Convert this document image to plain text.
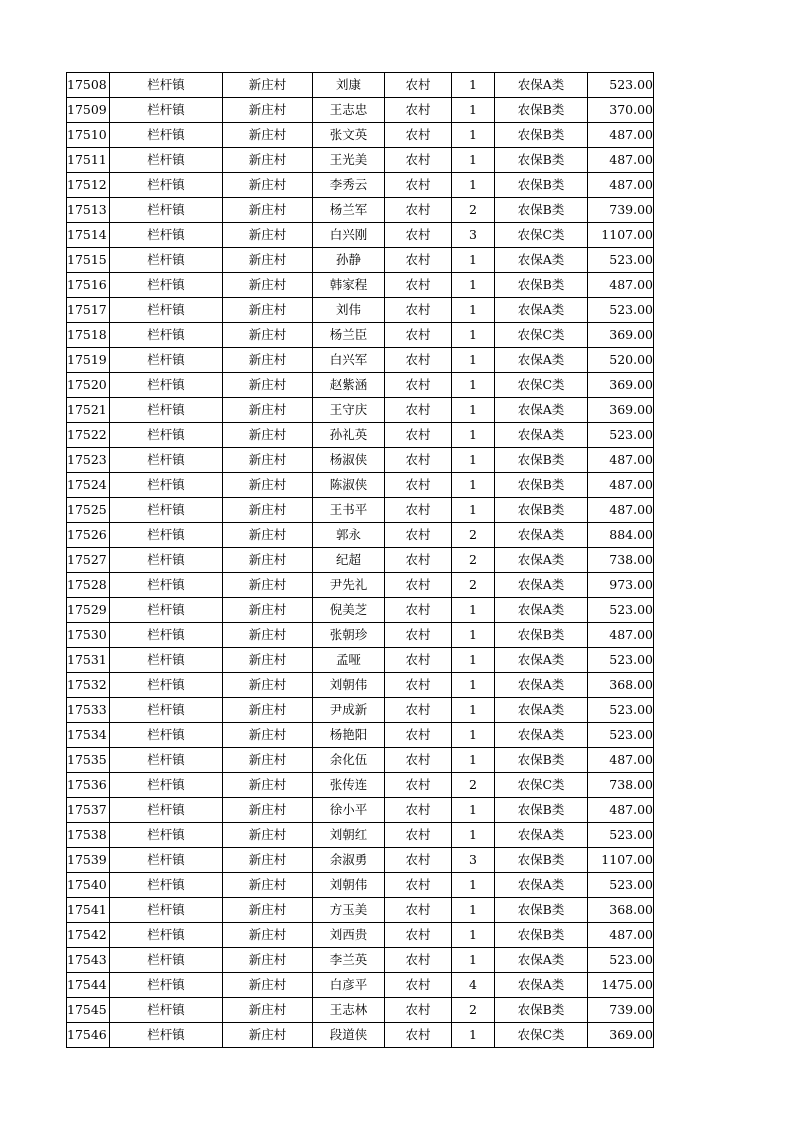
17508	栏杆镇	新庄村	刘康	农村	1	农保A类	523.00
17509	栏杆镇	新庄村	王志忠	农村	1	农保B类	370.00
17510	栏杆镇	新庄村	张文英	农村	1	农保B类	487.00
17511	栏杆镇	新庄村	王光美	农村	1	农保B类	487.00
17512	栏杆镇	新庄村	李秀云	农村	1	农保B类	487.00
17513	栏杆镇	新庄村	杨兰军	农村	2	农保B类	739.00
17514	栏杆镇	新庄村	白兴刚	农村	3	农保C类	1107.00
17515	栏杆镇	新庄村	孙静	农村	1	农保A类	523.00
17516	栏杆镇	新庄村	韩家程	农村	1	农保B类	487.00
17517	栏杆镇	新庄村	刘伟	农村	1	农保A类	523.00
17518	栏杆镇	新庄村	杨兰臣	农村	1	农保C类	369.00
17519	栏杆镇	新庄村	白兴军	农村	1	农保A类	520.00
17520	栏杆镇	新庄村	赵紫涵	农村	1	农保C类	369.00
17521	栏杆镇	新庄村	王守庆	农村	1	农保A类	369.00
17522	栏杆镇	新庄村	孙礼英	农村	1	农保A类	523.00
17523	栏杆镇	新庄村	杨淑侠	农村	1	农保B类	487.00
17524	栏杆镇	新庄村	陈淑侠	农村	1	农保B类	487.00
17525	栏杆镇	新庄村	王书平	农村	1	农保B类	487.00
17526	栏杆镇	新庄村	郭永	农村	2	农保A类	884.00
17527	栏杆镇	新庄村	纪超	农村	2	农保A类	738.00
17528	栏杆镇	新庄村	尹先礼	农村	2	农保A类	973.00
17529	栏杆镇	新庄村	倪美芝	农村	1	农保A类	523.00
17530	栏杆镇	新庄村	张朝珍	农村	1	农保B类	487.00
17531	栏杆镇	新庄村	孟哑	农村	1	农保A类	523.00
17532	栏杆镇	新庄村	刘朝伟	农村	1	农保A类	368.00
17533	栏杆镇	新庄村	尹成新	农村	1	农保A类	523.00
17534	栏杆镇	新庄村	杨艳阳	农村	1	农保A类	523.00
17535	栏杆镇	新庄村	余化伍	农村	1	农保B类	487.00
17536	栏杆镇	新庄村	张传连	农村	2	农保C类	738.00
17537	栏杆镇	新庄村	徐小平	农村	1	农保B类	487.00
17538	栏杆镇	新庄村	刘朝红	农村	1	农保A类	523.00
17539	栏杆镇	新庄村	余淑勇	农村	3	农保B类	1107.00
17540	栏杆镇	新庄村	刘朝伟	农村	1	农保A类	523.00
17541	栏杆镇	新庄村	方玉美	农村	1	农保B类	368.00
17542	栏杆镇	新庄村	刘西贵	农村	1	农保B类	487.00
17543	栏杆镇	新庄村	李兰英	农村	1	农保A类	523.00
17544	栏杆镇	新庄村	白彦平	农村	4	农保A类	1475.00
17545	栏杆镇	新庄村	王志林	农村	2	农保B类	739.00
17546	栏杆镇	新庄村	段道侠	农村	1	农保C类	369.00
